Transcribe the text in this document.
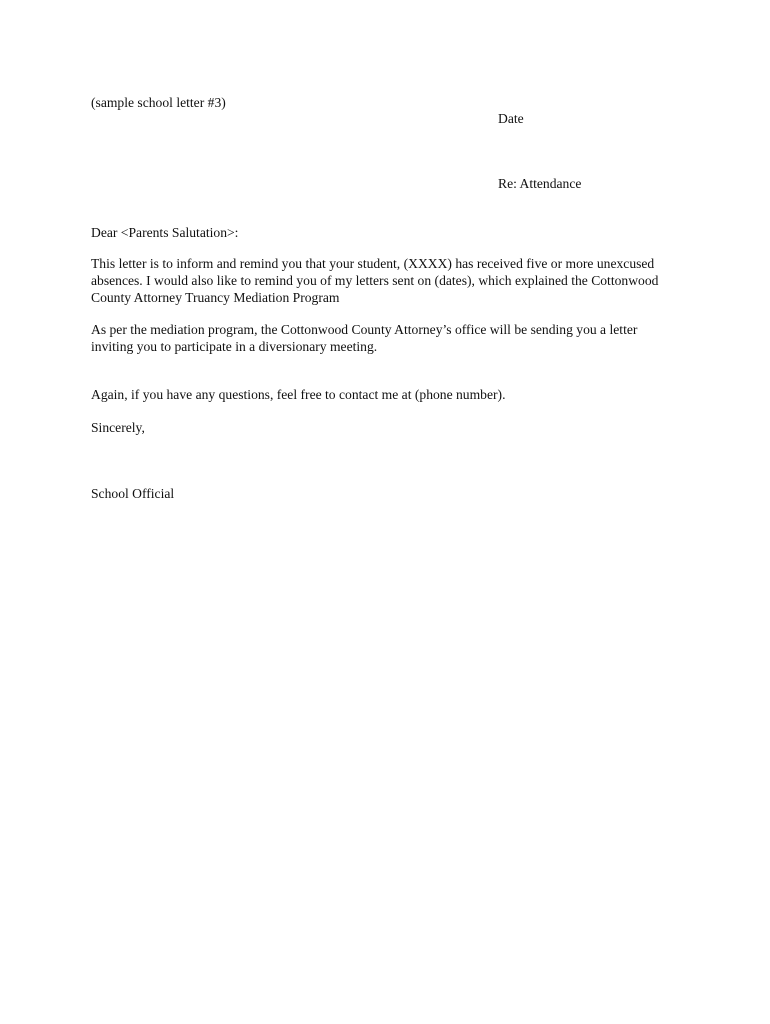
(sample school letter #3)
Date
Re: Attendance
Dear <Parents Salutation>:
This letter is to inform and remind you that your student, (XXXX) has received five or more unexcused
absences. I would also like to remind you of my letters sent on (dates), which explained the Cottonwood
County Attorney Truancy Mediation Program
As per the mediation program, the Cottonwood County Attorney’s office will be sending you a letter
inviting you to participate in a diversionary meeting.
Again, if you have any questions, feel free to contact me at (phone number).
Sincerely,
School Official
